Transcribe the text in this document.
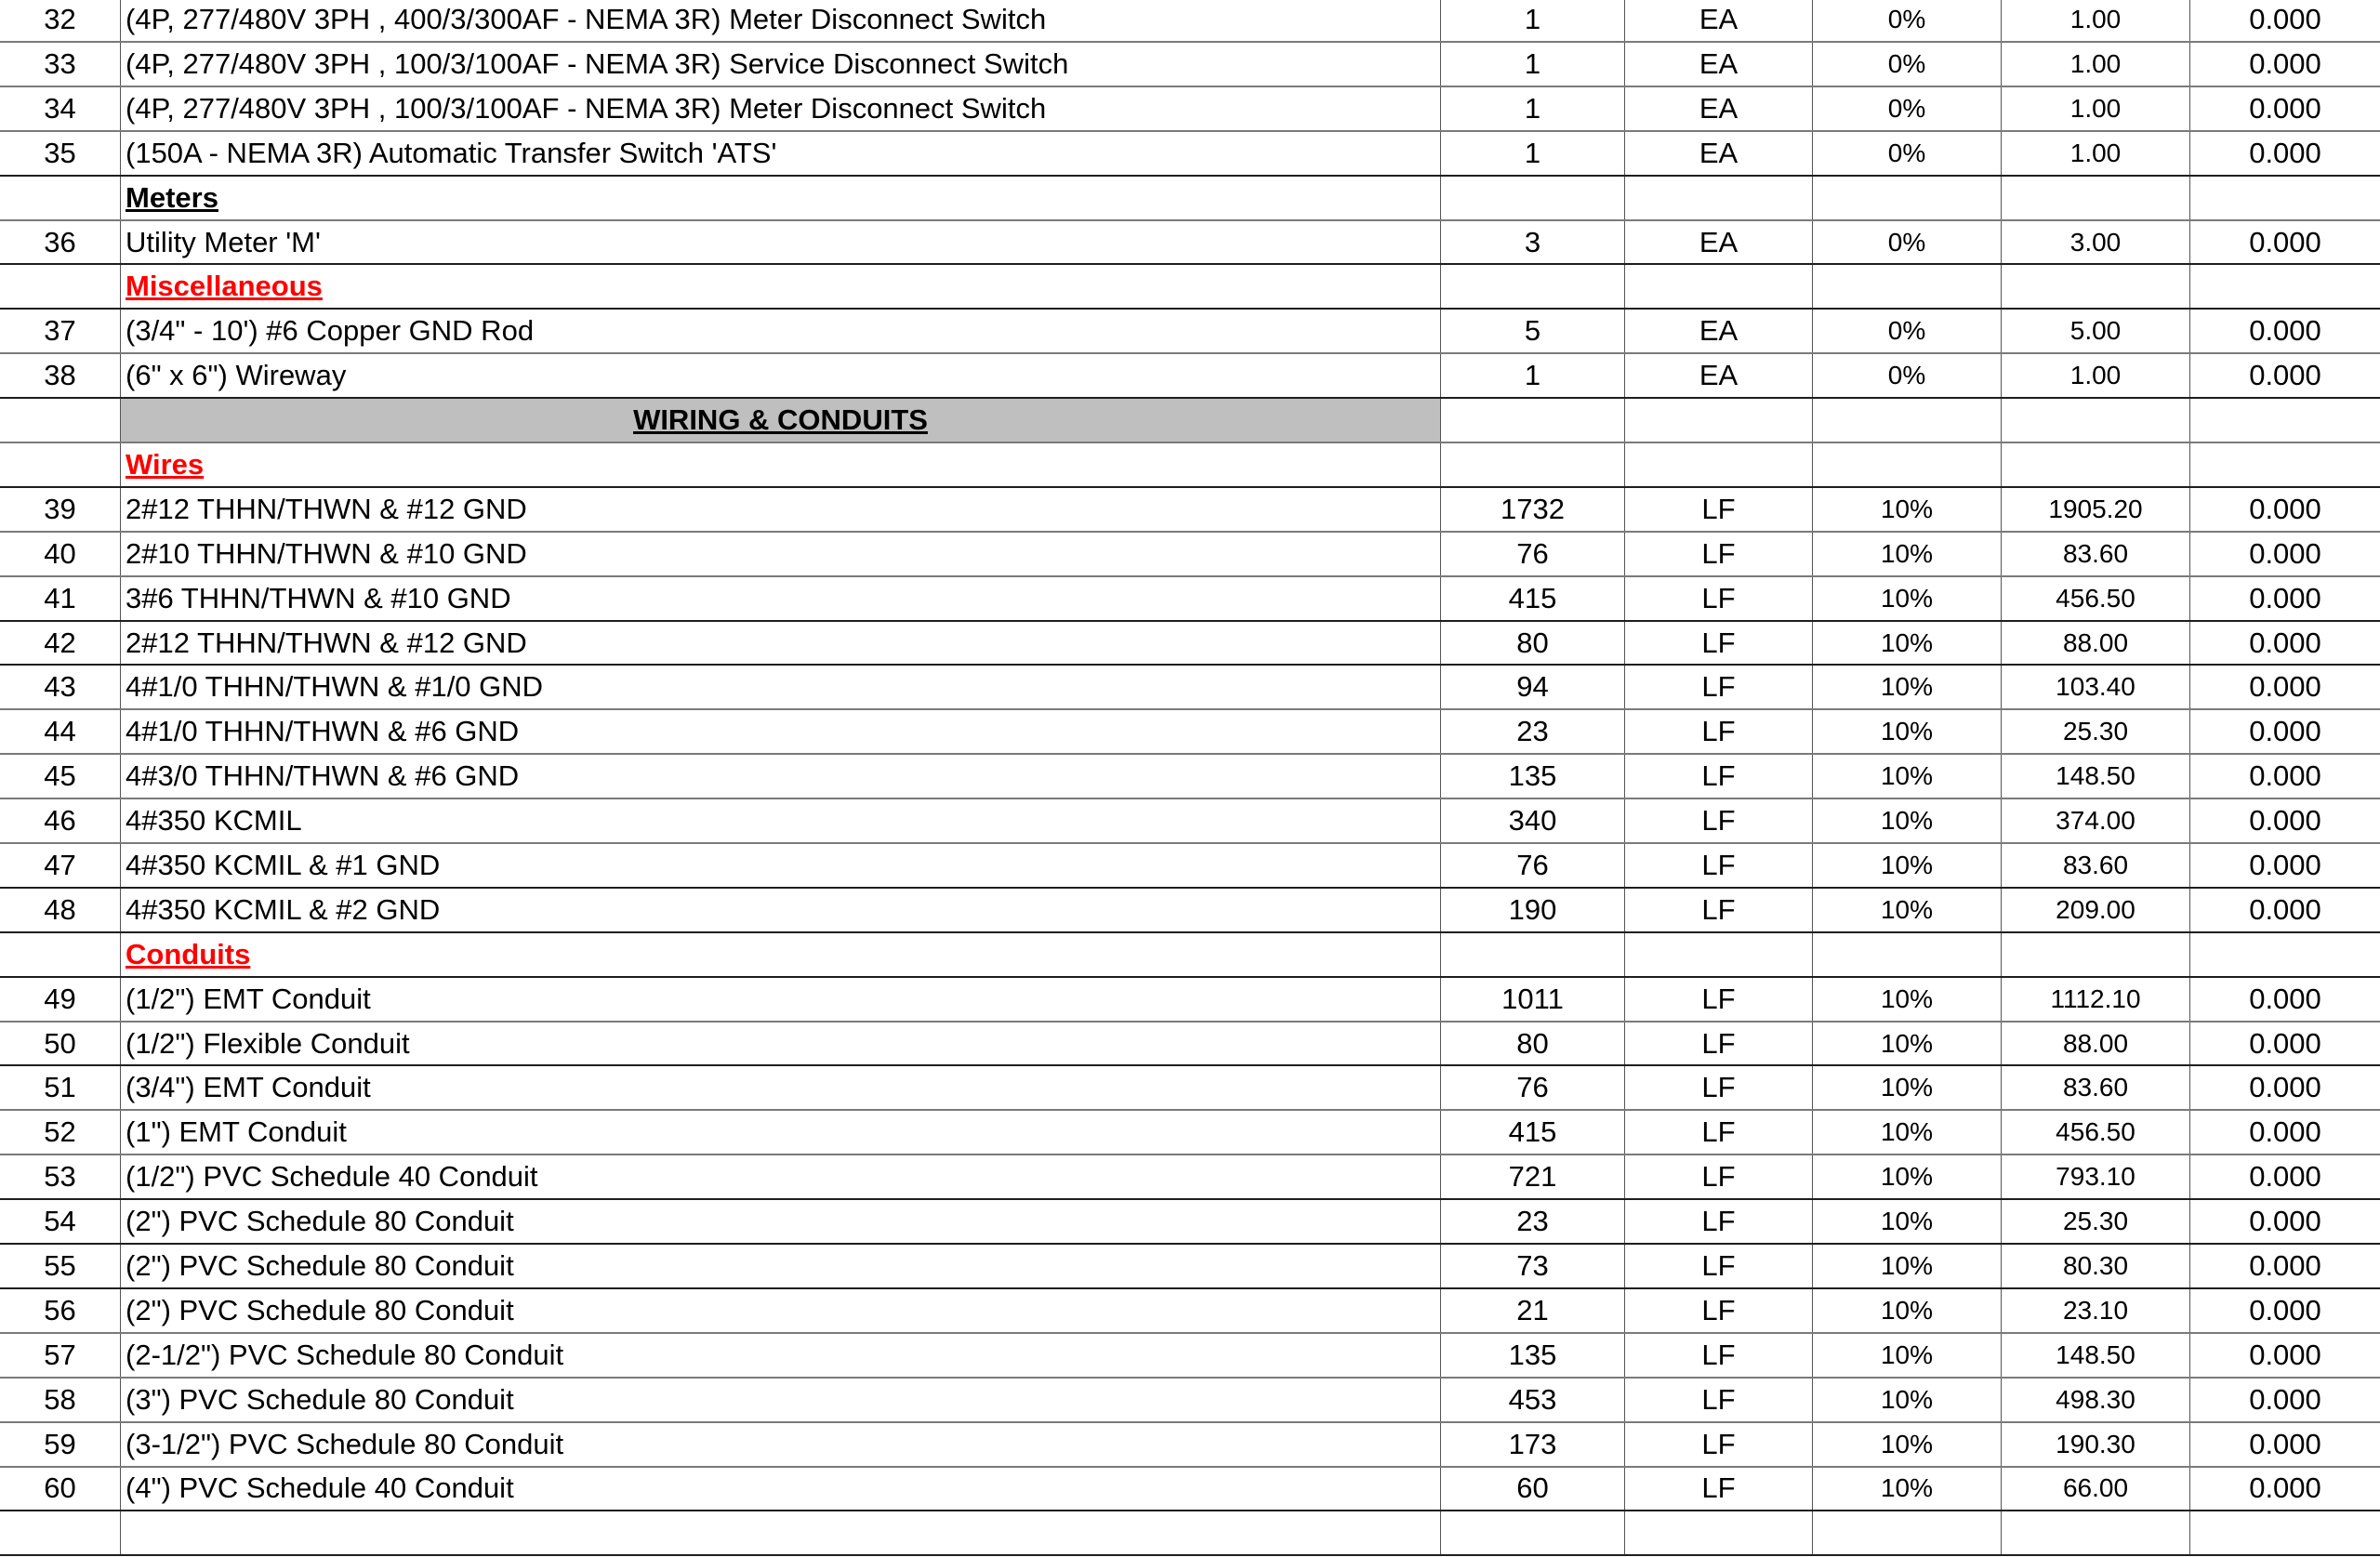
32	(4P, 277/480V 3PH , 400/3/300AF - NEMA 3R) Meter Disconnect Switch	1	EA	0%	1.00	0.000
33	(4P, 277/480V 3PH , 100/3/100AF - NEMA 3R) Service Disconnect Switch	1	EA	0%	1.00	0.000
34	(4P, 277/480V 3PH , 100/3/100AF - NEMA 3R) Meter Disconnect Switch	1	EA	0%	1.00	0.000
35	(150A - NEMA 3R) Automatic Transfer Switch 'ATS'	1	EA	0%	1.00	0.000
Meters
36	Utility Meter 'M'	3	EA	0%	3.00	0.000
Miscellaneous
37	(3/4" - 10') #6 Copper GND Rod	5	EA	0%	5.00	0.000
38	(6" x 6") Wireway	1	EA	0%	1.00	0.000
WIRING & CONDUITS
Wires
39	2#12 THHN/THWN & #12 GND	1732	LF	10%	1905.20	0.000
40	2#10 THHN/THWN & #10 GND	76	LF	10%	83.60	0.000
41	3#6 THHN/THWN & #10 GND	415	LF	10%	456.50	0.000
42	2#12 THHN/THWN & #12 GND	80	LF	10%	88.00	0.000
43	4#1/0 THHN/THWN & #1/0 GND	94	LF	10%	103.40	0.000
44	4#1/0 THHN/THWN & #6 GND	23	LF	10%	25.30	0.000
45	4#3/0 THHN/THWN & #6 GND	135	LF	10%	148.50	0.000
46	4#350 KCMIL	340	LF	10%	374.00	0.000
47	4#350 KCMIL & #1 GND	76	LF	10%	83.60	0.000
48	4#350 KCMIL & #2 GND	190	LF	10%	209.00	0.000
Conduits
49	(1/2") EMT Conduit	1011	LF	10%	1112.10	0.000
50	(1/2") Flexible Conduit	80	LF	10%	88.00	0.000
51	(3/4") EMT Conduit	76	LF	10%	83.60	0.000
52	(1") EMT Conduit	415	LF	10%	456.50	0.000
53	(1/2") PVC Schedule 40 Conduit	721	LF	10%	793.10	0.000
54	(2") PVC Schedule 80 Conduit	23	LF	10%	25.30	0.000
55	(2") PVC Schedule 80 Conduit	73	LF	10%	80.30	0.000
56	(2") PVC Schedule 80 Conduit	21	LF	10%	23.10	0.000
57	(2-1/2") PVC Schedule 80 Conduit	135	LF	10%	148.50	0.000
58	(3") PVC Schedule 80 Conduit	453	LF	10%	498.30	0.000
59	(3-1/2") PVC Schedule 80 Conduit	173	LF	10%	190.30	0.000
60	(4") PVC Schedule 40 Conduit	60	LF	10%	66.00	0.000
